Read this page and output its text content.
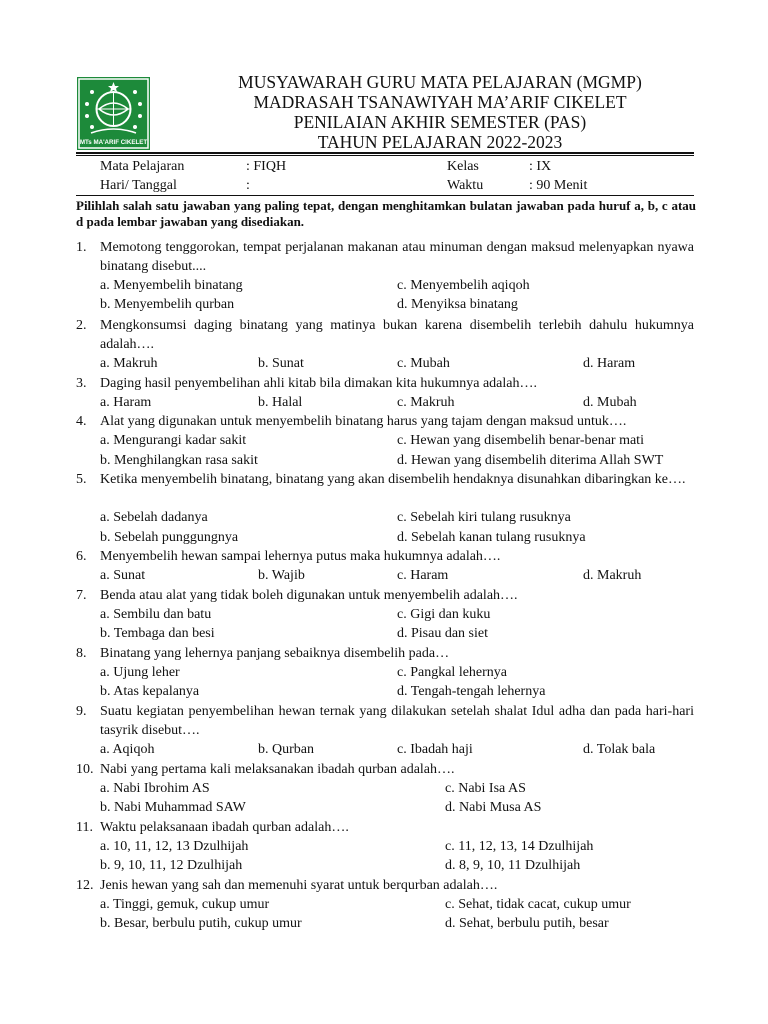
MTs MA'ARIF CIKELET
MUSYAWARAH GURU MATA PELAJARAN (MGMP)
MADRASAH TSANAWIYAH MA’ARIF CIKELET
PENILAIAN AKHIR SEMESTER (PAS)
TAHUN PELAJARAN 2022-2023
Mata Pelajaran	: FIQH	Kelas	: IX
Hari/ Tanggal	:	Waktu	: 90 Menit
Pilihlah salah satu jawaban yang paling tepat, dengan menghitamkan bulatan jawaban pada huruf a, b, c atau d pada lembar jawaban yang disediakan.
1. Memotong tenggorokan, tempat perjalanan makanan atau minuman dengan maksud melenyapkan nyawa binatang disebut....
a. Menyembelih binatang
b. Menyembelih qurban
c. Menyembelih aqiqoh
d. Menyiksa binatang
2. Mengkonsumsi daging binatang yang matinya bukan karena disembelih terlebih dahulu hukumnya adalah….
a. Makruh	b. Sunat	c. Mubah	d. Haram
3. Daging hasil penyembelihan ahli kitab bila dimakan kita hukumnya adalah….
a. Haram	b. Halal	c. Makruh	d. Mubah
4. Alat yang digunakan untuk menyembelih binatang harus yang tajam dengan maksud untuk….
a. Mengurangi kadar sakit
b. Menghilangkan rasa sakit
c. Hewan yang disembelih benar-benar mati
d. Hewan yang disembelih diterima Allah SWT
5. Ketika menyembelih binatang, binatang yang akan disembelih hendaknya disunahkan dibaringkan ke….
a. Sebelah dadanya
b. Sebelah punggungnya
c. Sebelah kiri tulang rusuknya
d. Sebelah kanan tulang rusuknya
6. Menyembelih hewan sampai lehernya putus maka hukumnya adalah….
a. Sunat	b. Wajib	c. Haram	d. Makruh
7. Benda atau alat yang tidak boleh digunakan untuk menyembelih adalah….
a. Sembilu dan batu
b. Tembaga dan besi
c. Gigi dan kuku
d. Pisau dan siet
8. Binatang yang lehernya panjang sebaiknya disembelih pada…
a. Ujung leher
b. Atas kepalanya
c. Pangkal lehernya
d. Tengah-tengah lehernya
9. Suatu kegiatan penyembelihan hewan ternak yang dilakukan setelah shalat Idul adha dan pada hari-hari tasyrik disebut….
a. Aqiqoh	b. Qurban	c. Ibadah haji	d. Tolak bala
10. Nabi yang pertama kali melaksanakan ibadah qurban adalah….
a. Nabi Ibrohim AS
b. Nabi Muhammad SAW
c. Nabi Isa AS
d. Nabi Musa AS
11. Waktu pelaksanaan ibadah qurban adalah….
a. 10, 11, 12, 13 Dzulhijah
b. 9, 10, 11, 12 Dzulhijah
c. 11, 12, 13, 14 Dzulhijah
d. 8, 9, 10, 11 Dzulhijah
12. Jenis hewan yang sah dan memenuhi syarat untuk berqurban adalah….
a. Tinggi, gemuk, cukup umur
b. Besar, berbulu putih, cukup umur
c. Sehat, tidak cacat, cukup umur
d. Sehat, berbulu putih, besar
